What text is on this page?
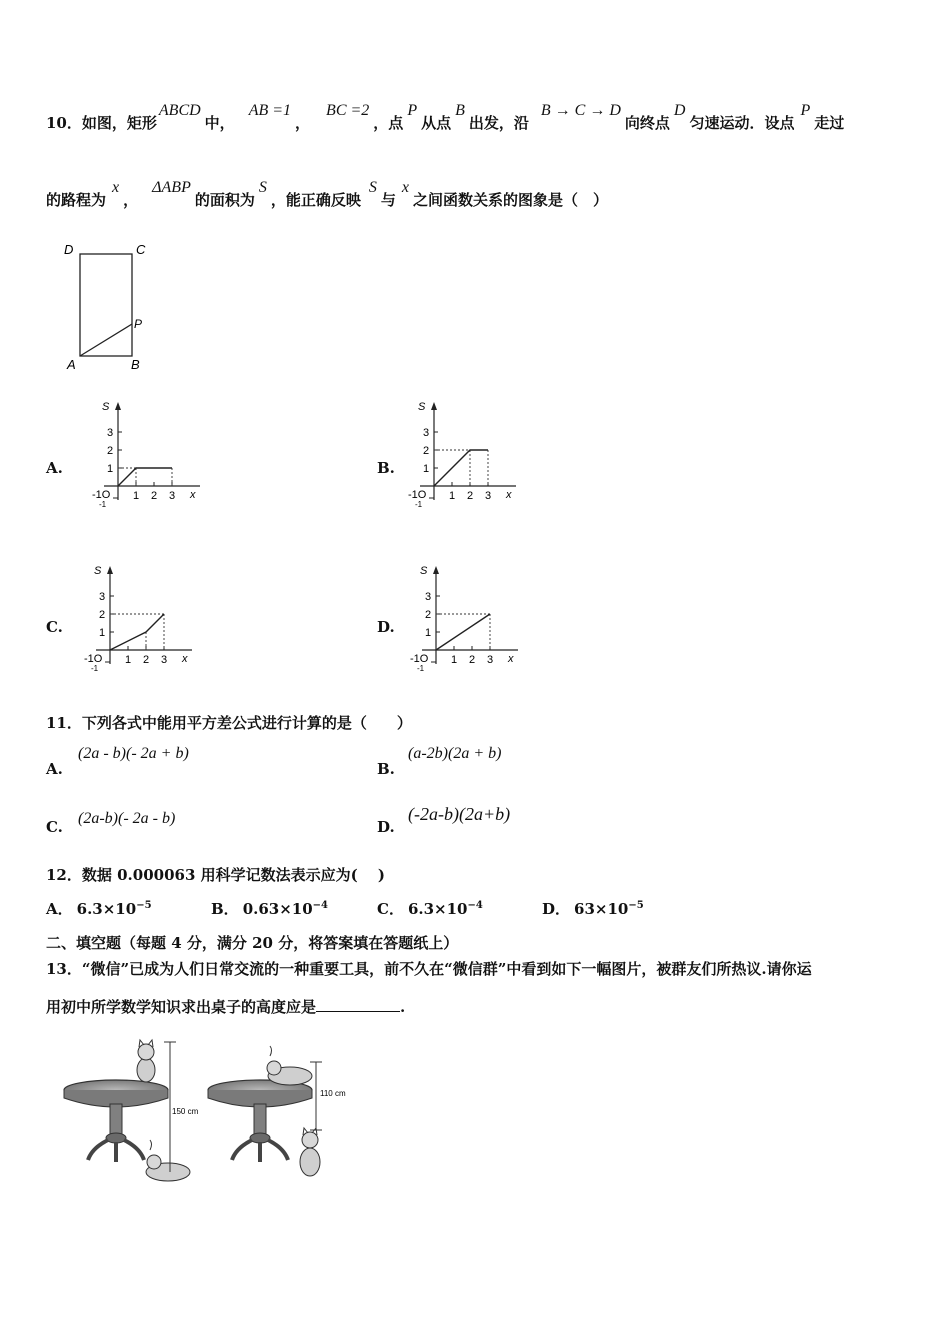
10．如图，矩形ABCD中，AB =1，BC =2，点P从点B出发，沿B → C → D向终点D匀速运动．设点P走过
的路程为x，ΔABP的面积为S，能正确反映S与x之间函数关系的图象是（　）
D	C
P
A	B
A.
1 2 3
1
2
3
-1O
-1
S
x
B.
1 2 3
1
2
3
-1O
-1
S
x
C.
1 2 3
1
2
3
-1O
-1
S
x
D.
1 2 3
1
2
3
-1O
-1
S
x
11．下列各式中能用平方差公式进行计算的是（　　）
A.
(2a - b)(- 2a + b)
B.
(a-2b)(2a + b)
C. (2a-b)(- 2a - b)	D.
(-2a-b)(2a+b)
12．数据 0.000063 用科学记数法表示应为(　 )
A． $6.3\times 10^{-5}$	B． $0.63\times 10^{-4}$	C． $6.3\times 10^{-4}$	D． $63\times 10^{-5}$
二、填空题（每题 4 分，满分 20 分，将答案填在答题纸上）
13．“微信”已成为人们日常交流的一种重要工具，前不久在“微信群”中看到如下一幅图片，被群友们所热议.请你运
用初中所学数学知识求出桌子的高度应是	.
150 cm
110 cm
